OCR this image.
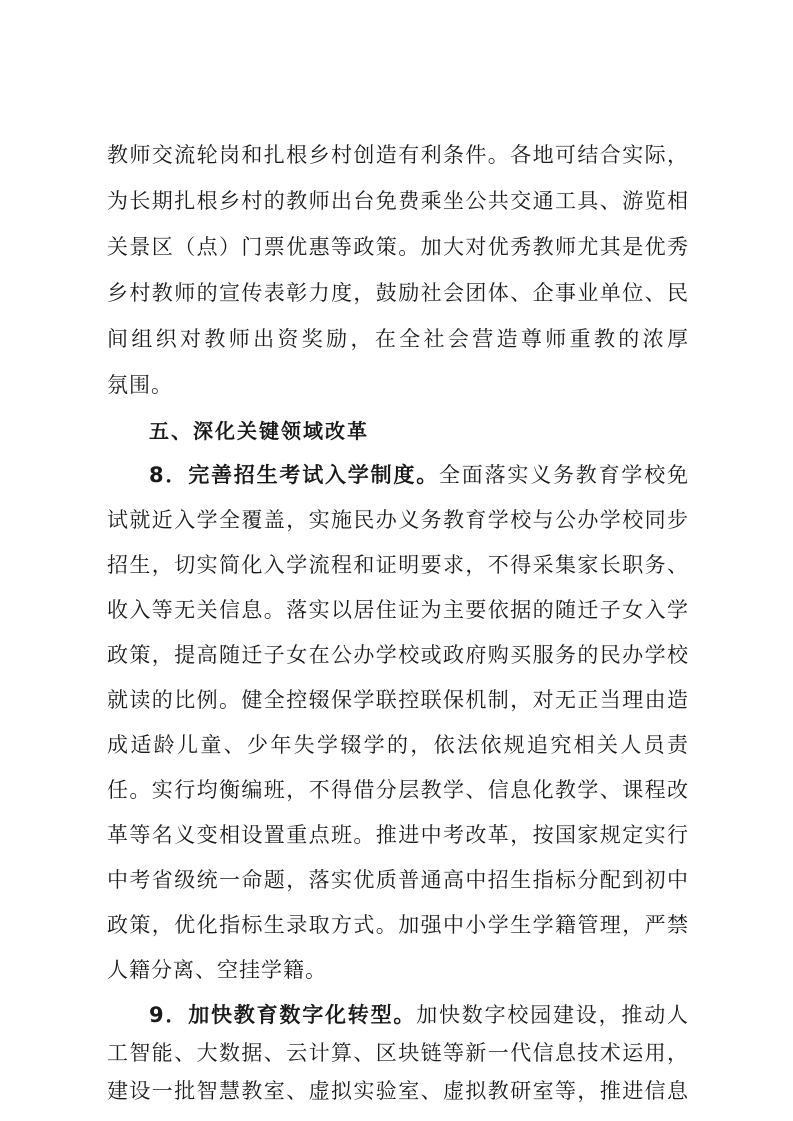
教师交流轮岗和扎根乡村创造有利条件。各地可结合实际，
为长期扎根乡村的教师出台免费乘坐公共交通工具、游览相
关景区（点）门票优惠等政策。加大对优秀教师尤其是优秀
乡村教师的宣传表彰力度，鼓励社会团体、企事业单位、民
间组织对教师出资奖励，在全社会营造尊师重教的浓厚
氛围。
五、深化关键领域改革
8．完善招生考试入学制度。全面落实义务教育学校免
试就近入学全覆盖，实施民办义务教育学校与公办学校同步
招生，切实简化入学流程和证明要求，不得采集家长职务、
收入等无关信息。落实以居住证为主要依据的随迁子女入学
政策，提高随迁子女在公办学校或政府购买服务的民办学校
就读的比例。健全控辍保学联控联保机制，对无正当理由造
成适龄儿童、少年失学辍学的，依法依规追究相关人员责
任。实行均衡编班，不得借分层教学、信息化教学、课程改
革等名义变相设置重点班。推进中考改革，按国家规定实行
中考省级统一命题，落实优质普通高中招生指标分配到初中
政策，优化指标生录取方式。加强中小学生学籍管理，严禁
人籍分离、空挂学籍。
9．加快教育数字化转型。加快数字校园建设，推动人
工智能、大数据、云计算、区块链等新一代信息技术运用，
建设一批智慧教室、虚拟实验室、虚拟教研室等，推进信息
